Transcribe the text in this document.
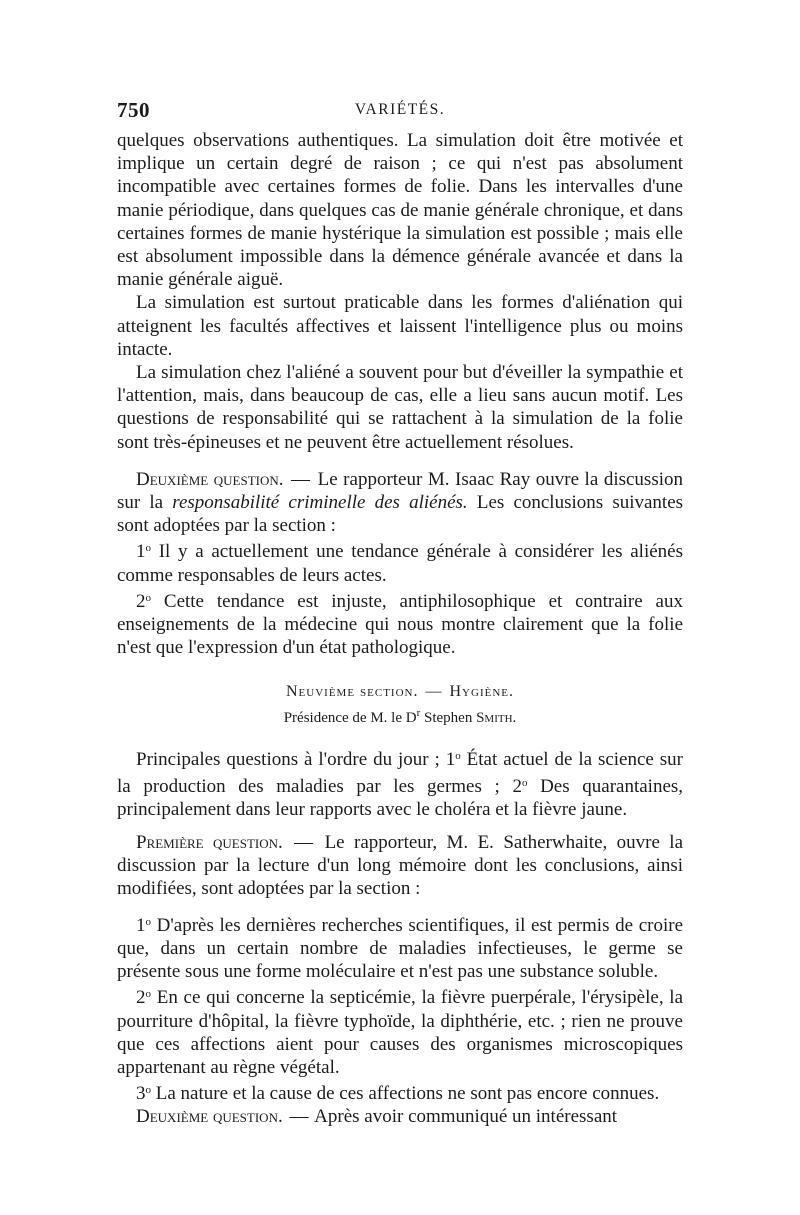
750	VARIÉTÉS.

quelques observations authentiques. La simulation doit être motivée et implique un certain degré de raison ; ce qui n'est pas absolument incompatible avec certaines formes de folie. Dans les intervalles d'une manie périodique, dans quelques cas de manie générale chronique, et dans certaines formes de manie hystérique la simulation est possible ; mais elle est absolument impossible dans la démence générale avancée et dans la manie générale aiguë.

La simulation est surtout praticable dans les formes d'aliénation qui atteignent les facultés affectives et laissent l'intelligence plus ou moins intacte.

La simulation chez l'aliéné a souvent pour but d'éveiller la sympathie et l'attention, mais, dans beaucoup de cas, elle a lieu sans aucun motif. Les questions de responsabilité qui se rattachent à la simulation de la folie sont très-épineuses et ne peuvent être actuellement résolues.

Deuxième question. — Le rapporteur M. Isaac Ray ouvre la discussion sur la responsabilité criminelle des aliénés. Les conclusions suivantes sont adoptées par la section :

1$^o$ Il y a actuellement une tendance générale à considérer les aliénés comme responsables de leurs actes.

2$^o$ Cette tendance est injuste, antiphilosophique et contraire aux enseignements de la médecine qui nous montre clairement que la folie n'est que l'expression d'un état pathologique.

Neuvième section. — Hygiène.

Présidence de M. le $D^r$ Stephen Smith.

Principales questions à l'ordre du jour ; 1$^o$ État actuel de la science sur la production des maladies par les germes ; 2$^o$ Des quarantaines, principalement dans leur rapports avec le choléra et la fièvre jaune.

Première question. — Le rapporteur, M. E. Satherwhaite, ouvre la discussion par la lecture d'un long mémoire dont les conclusions, ainsi modifiées, sont adoptées par la section :

1$^o$ D'après les dernières recherches scientifiques, il est permis de croire que, dans un certain nombre de maladies infectieuses, le germe se présente sous une forme moléculaire et n'est pas une substance soluble.

2$^o$ En ce qui concerne la septicémie, la fièvre puerpérale, l'érysipèle, la pourriture d'hôpital, la fièvre typhoïde, la diphthérie, etc. ; rien ne prouve que ces affections aient pour causes des organismes microscopiques appartenant au règne végétal.

3$^o$ La nature et la cause de ces affections ne sont pas encore connues.

Deuxième question. — Après avoir communiqué un intéressant
